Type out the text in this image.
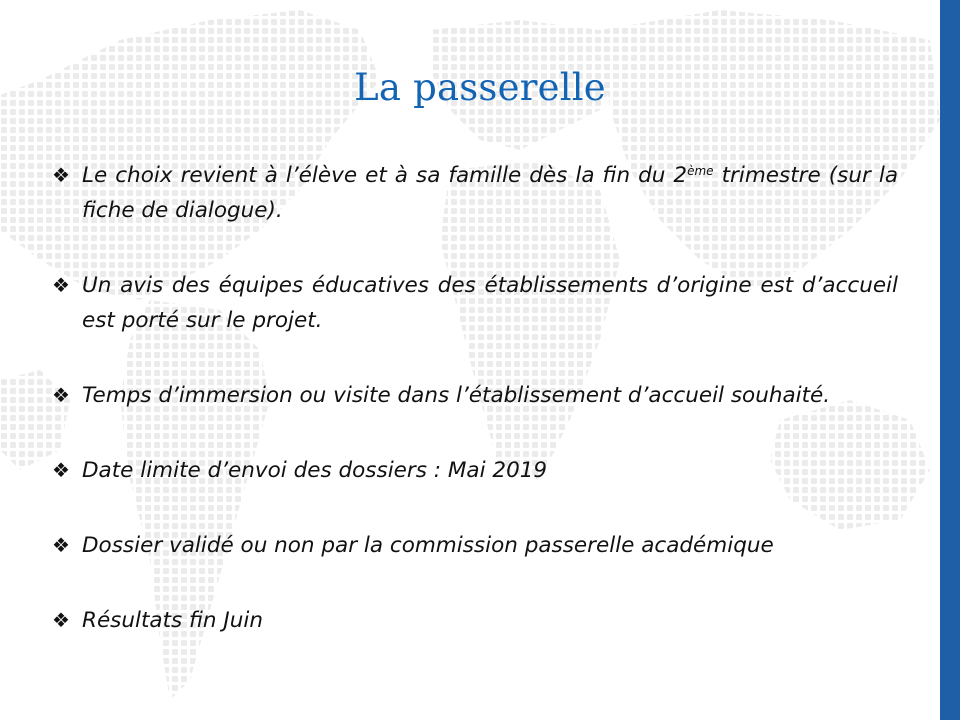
La passerelle
❖ Le choix revient à l’élève et à sa famille dès la fin du 2ème trimestre (sur la fiche de dialogue).
❖ Un avis des équipes éducatives des établissements d’origine est d’accueil est porté sur le projet.
❖ Temps d’immersion ou visite dans l’établissement d’accueil souhaité.
❖ Date limite d’envoi des dossiers : Mai 2019
❖ Dossier validé ou non par la commission passerelle académique
❖ Résultats fin Juin
